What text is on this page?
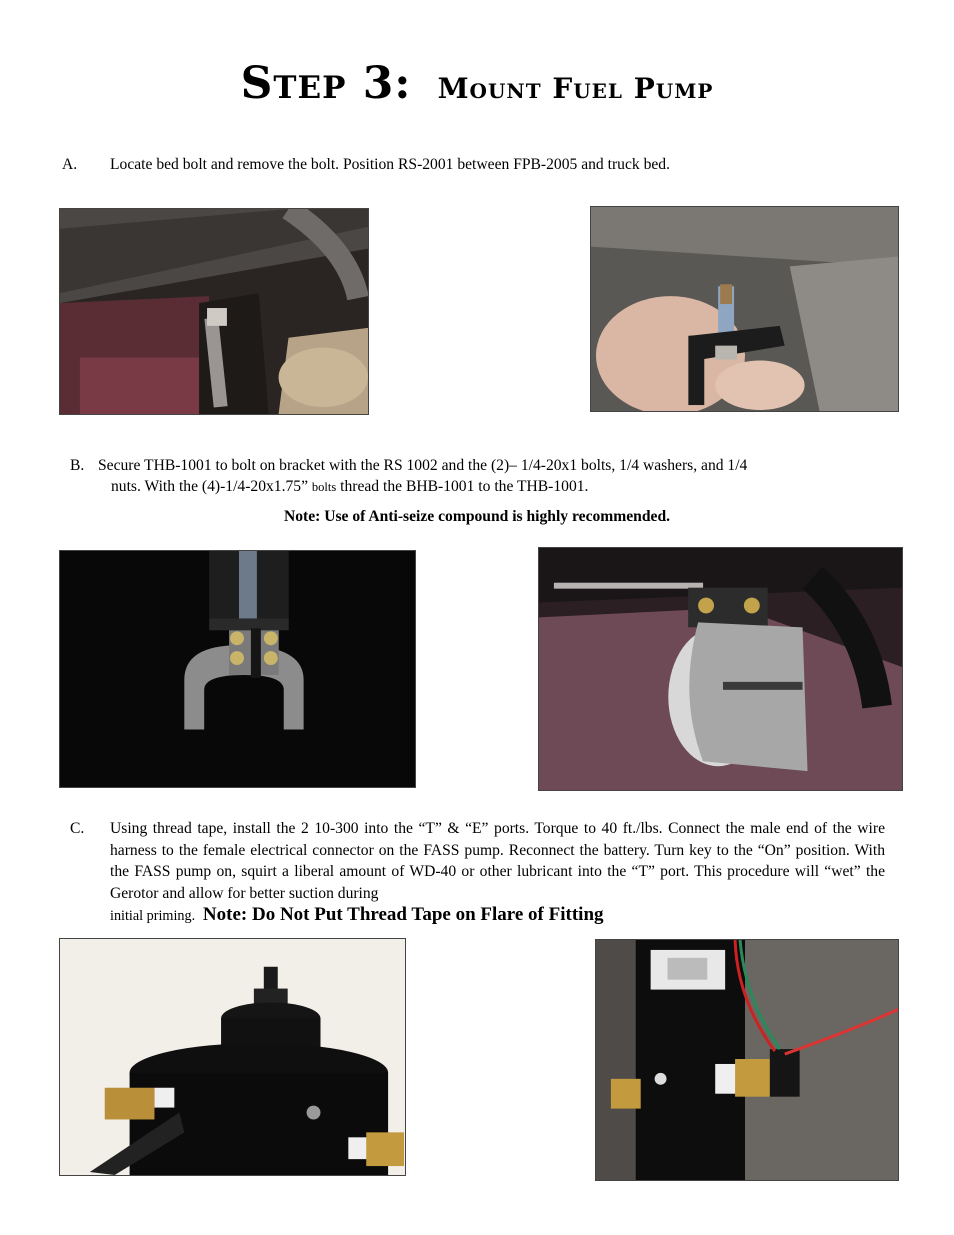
Step 3: Mount Fuel Pump
A. Locate bed bolt and remove the bolt. Position RS-2001 between FPB-2005 and truck bed.
B. Secure THB-1001 to bolt on bracket with the RS 1002 and the (2)– 1/4-20x1 bolts, 1/4 washers, and 1/4
nuts. With the (4)-1/4-20x1.75” bolts thread the BHB-1001 to the THB-1001.
Note: Use of Anti-seize compound is highly recommended.
C. Using thread tape, install the 2 10-300 into the “T” & “E” ports. Torque to 40 ft./lbs. Connect the male end of the wire harness to the female electrical connector on the FASS pump. Reconnect the battery. Turn key to the “On” position. With the FASS pump on, squirt a liberal amount of WD-40 or other lubricant into the “T” port. This procedure will “wet” the Gerotor and allow for better suction during
initial priming. Note: Do Not Put Thread Tape on Flare of Fitting
